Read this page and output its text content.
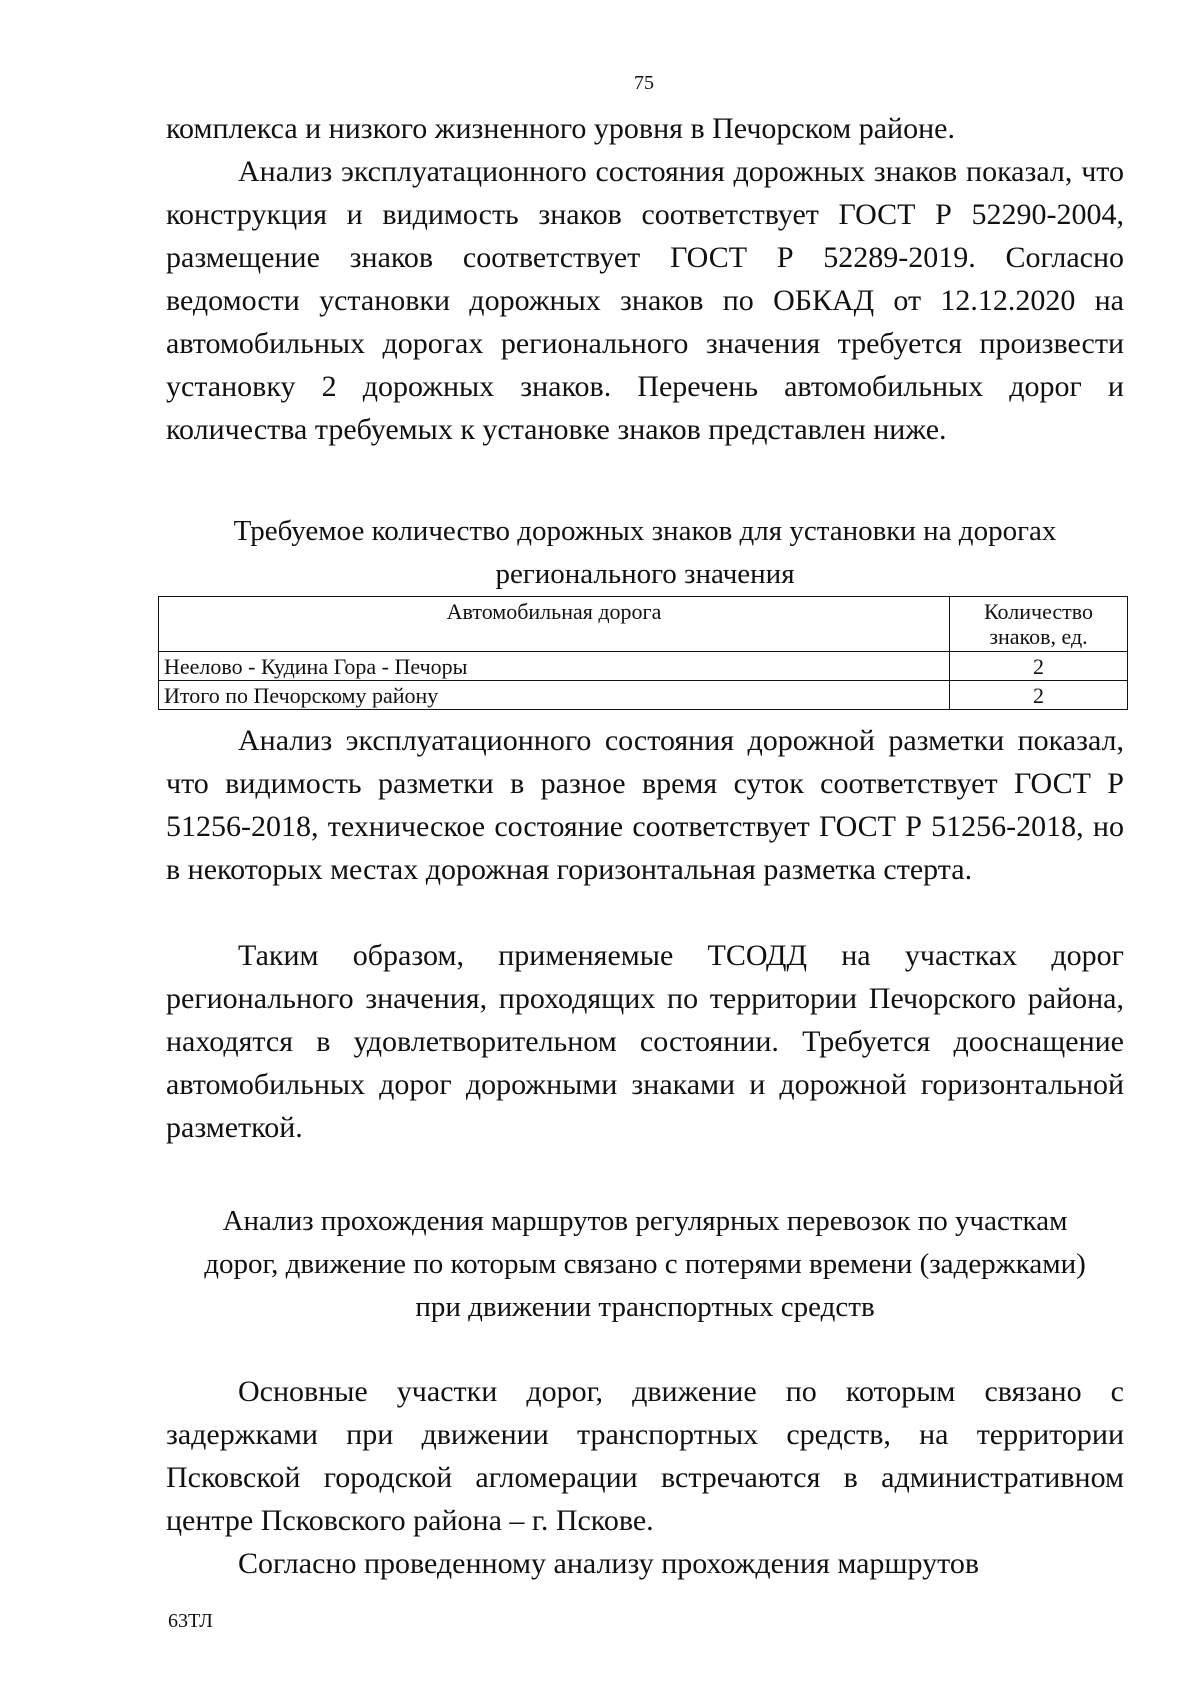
75

комплекса и низкого жизненного уровня в Печорском районе.

Анализ эксплуатационного состояния дорожных знаков показал, что конструкция и видимость знаков соответствует ГОСТ Р 52290-2004, размещение знаков соответствует ГОСТ Р 52289-2019. Согласно ведомости установки дорожных знаков по ОБКАД от 12.12.2020 на автомобильных дорогах регионального значения требуется произвести установку 2 дорожных знаков. Перечень автомобильных дорог и количества требуемых к установке знаков представлен ниже.

Требуемое количество дорожных знаков для установки на дорогах
регионального значения
Автомобильная дорога	Количество знаков, ед.
Неелово - Кудина Гора - Печоры	2
Итого по Печорскому району	2

Анализ эксплуатационного состояния дорожной разметки показал, что видимость разметки в разное время суток соответствует ГОСТ Р 51256-2018, техническое состояние соответствует ГОСТ Р 51256-2018, но в некоторых местах дорожная горизонтальная разметка стерта.

Таким образом, применяемые ТСОДД на участках дорог регионального значения, проходящих по территории Печорского района, находятся в удовлетворительном состоянии. Требуется дооснащение автомобильных дорог дорожными знаками и дорожной горизонтальной разметкой.

Анализ прохождения маршрутов регулярных перевозок по участкам
дорог, движение по которым связано с потерями времени (задержками)
при движении транспортных средств

Основные участки дорог, движение по которым связано с задержками при движении транспортных средств, на территории Псковской городской агломерации встречаются в административном центре Псковского района – г. Пскове.

Согласно проведенному анализу прохождения маршрутов

63ТЛ
